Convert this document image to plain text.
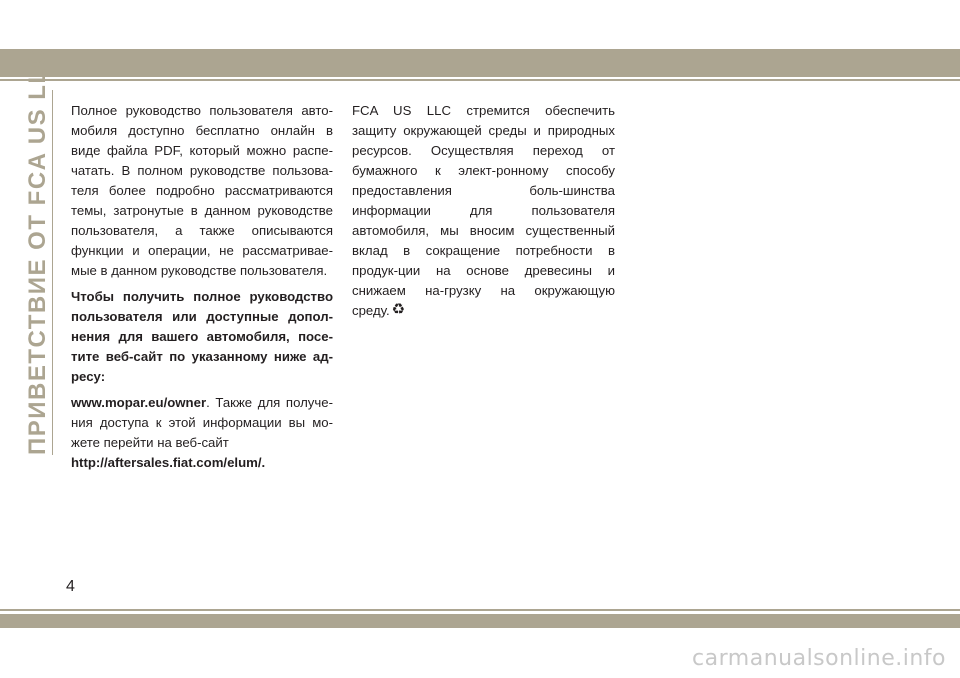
ПРИВЕТСТВИЕ ОТ FCA US LLC Полное руководство пользователя авто-мобиля доступно бесплатно онлайн в виде файла PDF, который можно распе-чатать. В полном руководстве пользова-теля более подробно рассматриваются темы, затронутые в данном руководстве пользователя, а также описываются функции и операции, не рассматривае-мые в данном руководстве пользователя.

Чтобы получить полное руководство пользователя или доступные допол-нения для вашего автомобиля, посе-тите веб-сайт по указанному ниже ад-ресу:

www.mopar.eu/owner. Также для получе-ния доступа к этой информации вы мо-жете перейти на веб-сайт
http://aftersales.fiat.com/elum/.

FCA US LLC стремится обеспечить защиту окружающей среды и природных ресурсов. Осуществляя переход от бумажного к элект-ронному способу предоставления боль-шинства информации для пользователя автомобиля, мы вносим существенный вклад в сокращение потребности в продук-ции на основе древесины и снижаем на-грузку на окружающую среду. ♻

4
carmanualsonline.info
